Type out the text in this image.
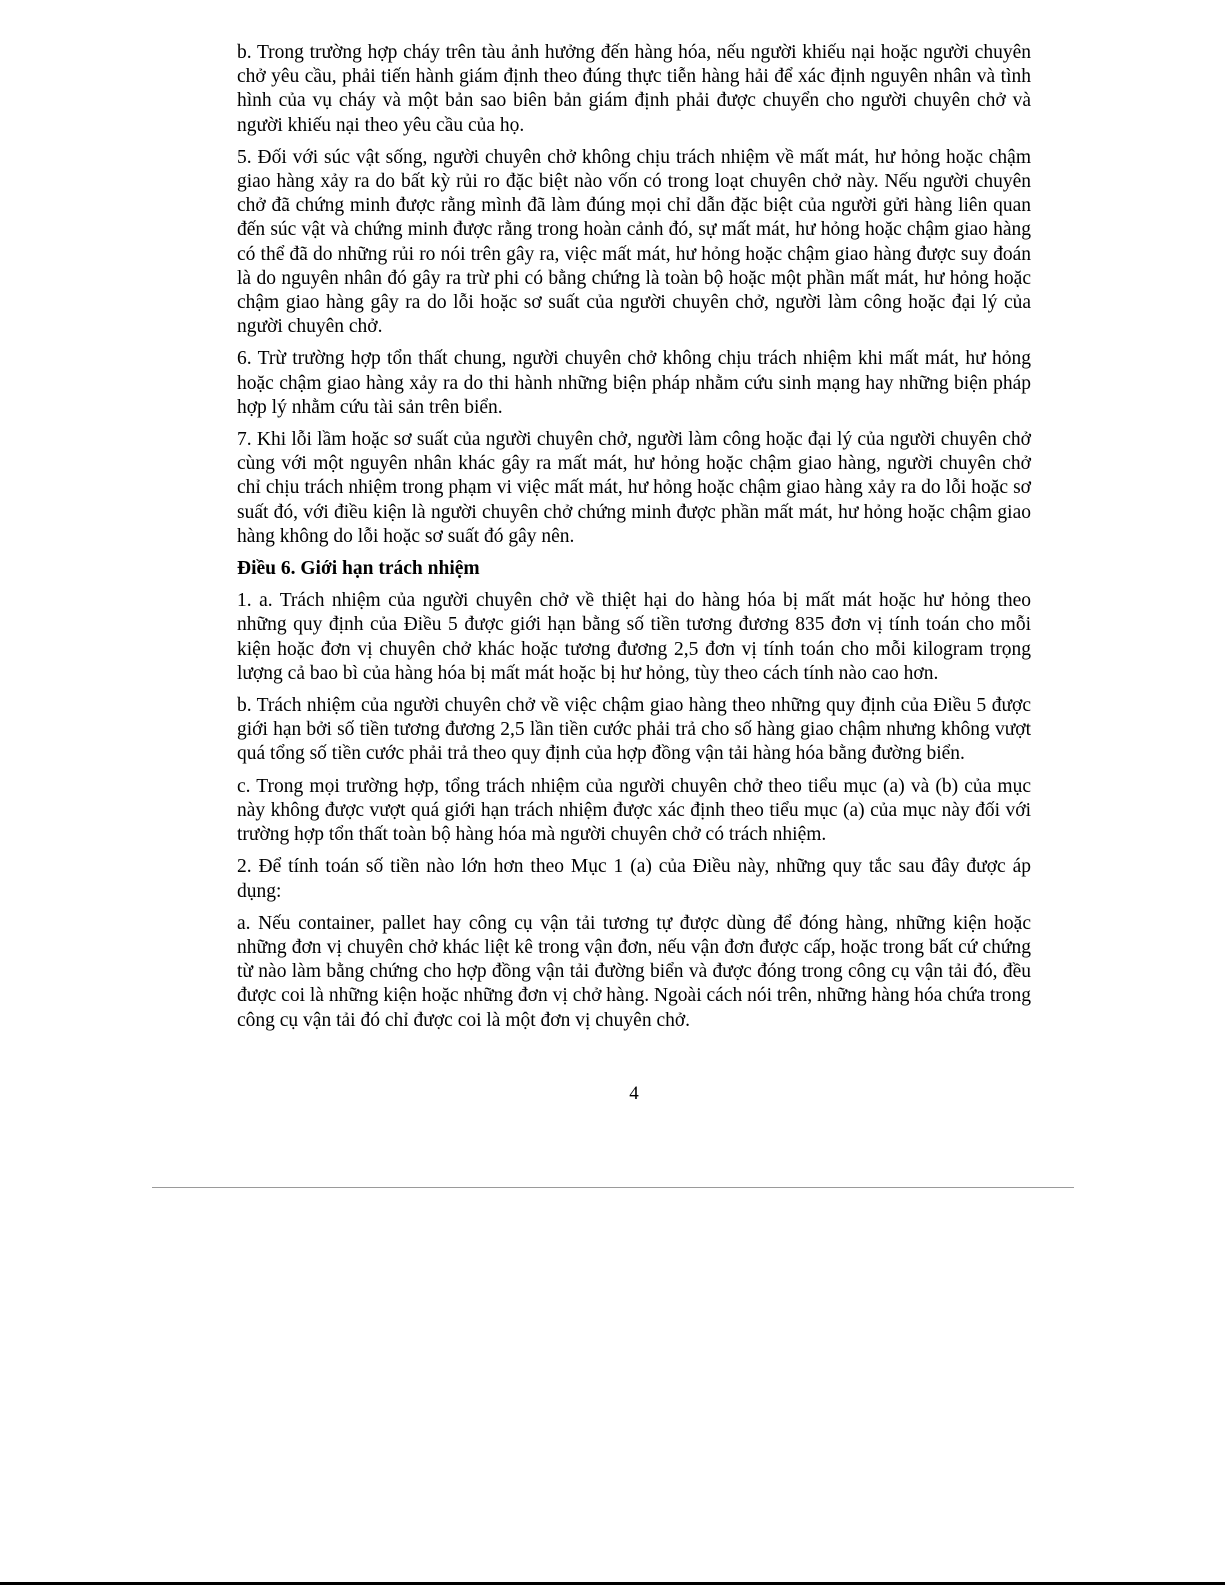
b. Trong trường hợp cháy trên tàu ảnh hưởng đến hàng hóa, nếu người khiếu nại hoặc người chuyên chở yêu cầu, phải tiến hành giám định theo đúng thực tiễn hàng hải để xác định nguyên nhân và tình hình của vụ cháy và một bản sao biên bản giám định phải được chuyển cho người chuyên chở và người khiếu nại theo yêu cầu của họ.

5. Đối với súc vật sống, người chuyên chở không chịu trách nhiệm về mất mát, hư hỏng hoặc chậm giao hàng xảy ra do bất kỳ rủi ro đặc biệt nào vốn có trong loạt chuyên chở này. Nếu người chuyên chở đã chứng minh được rằng mình đã làm đúng mọi chỉ dẫn đặc biệt của người gửi hàng liên quan đến súc vật và chứng minh được rằng trong hoàn cảnh đó, sự mất mát, hư hỏng hoặc chậm giao hàng có thể đã do những rủi ro nói trên gây ra, việc mất mát, hư hỏng hoặc chậm giao hàng được suy đoán là do nguyên nhân đó gây ra trừ phi có bằng chứng là toàn bộ hoặc một phần mất mát, hư hỏng hoặc chậm giao hàng gây ra do lỗi hoặc sơ suất của người chuyên chở, người làm công hoặc đại lý của người chuyên chở.

6. Trừ trường hợp tổn thất chung, người chuyên chở không chịu trách nhiệm khi mất mát, hư hỏng hoặc chậm giao hàng xảy ra do thi hành những biện pháp nhằm cứu sinh mạng hay những biện pháp hợp lý nhằm cứu tài sản trên biển.

7. Khi lỗi lầm hoặc sơ suất của người chuyên chở, người làm công hoặc đại lý của người chuyên chở cùng với một nguyên nhân khác gây ra mất mát, hư hỏng hoặc chậm giao hàng, người chuyên chở chỉ chịu trách nhiệm trong phạm vi việc mất mát, hư hỏng hoặc chậm giao hàng xảy ra do lỗi hoặc sơ suất đó, với điều kiện là người chuyên chở chứng minh được phần mất mát, hư hỏng hoặc chậm giao hàng không do lỗi hoặc sơ suất đó gây nên.

Điều 6. Giới hạn trách nhiệm

1. a. Trách nhiệm của người chuyên chở về thiệt hại do hàng hóa bị mất mát hoặc hư hỏng theo những quy định của Điều 5 được giới hạn bằng số tiền tương đương 835 đơn vị tính toán cho mỗi kiện hoặc đơn vị chuyên chở khác hoặc tương đương 2,5 đơn vị tính toán cho mỗi kilogram trọng lượng cả bao bì của hàng hóa bị mất mát hoặc bị hư hỏng, tùy theo cách tính nào cao hơn.

b. Trách nhiệm của người chuyên chở về việc chậm giao hàng theo những quy định của Điều 5 được giới hạn bởi số tiền tương đương 2,5 lần tiền cước phải trả cho số hàng giao chậm nhưng không vượt quá tổng số tiền cước phải trả theo quy định của hợp đồng vận tải hàng hóa bằng đường biển.

c. Trong mọi trường hợp, tổng trách nhiệm của người chuyên chở theo tiểu mục (a) và (b) của mục này không được vượt quá giới hạn trách nhiệm được xác định theo tiểu mục (a) của mục này đối với trường hợp tổn thất toàn bộ hàng hóa mà người chuyên chở có trách nhiệm.

2. Để tính toán số tiền nào lớn hơn theo Mục 1 (a) của Điều này, những quy tắc sau đây được áp dụng:

a. Nếu container, pallet hay công cụ vận tải tương tự được dùng để đóng hàng, những kiện hoặc những đơn vị chuyên chở khác liệt kê trong vận đơn, nếu vận đơn được cấp, hoặc trong bất cứ chứng từ nào làm bằng chứng cho hợp đồng vận tải đường biển và được đóng trong công cụ vận tải đó, đều được coi là những kiện hoặc những đơn vị chở hàng. Ngoài cách nói trên, những hàng hóa chứa trong công cụ vận tải đó chỉ được coi là một đơn vị chuyên chở.

4
